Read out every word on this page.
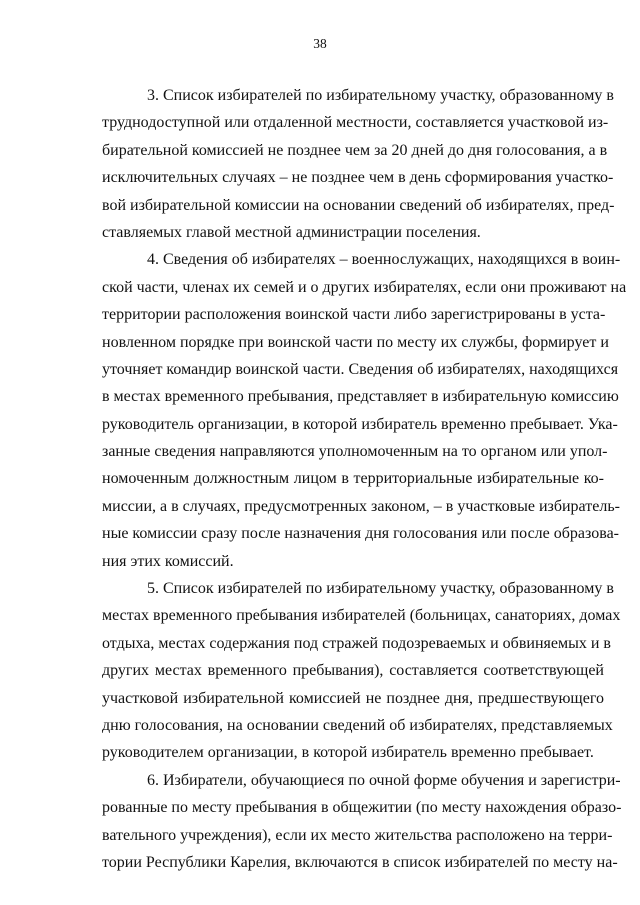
38
3. Список избирателей по избирательному участку, образованному в
труднодоступной или отдаленной местности, составляется участковой из-
бирательной комиссией не позднее чем за 20 дней до дня голосования, а в
исключительных случаях – не позднее чем в день сформирования участко-
вой избирательной комиссии на основании сведений об избирателях, пред-
ставляемых главой местной администрации поселения.
4. Сведения об избирателях – военнослужащих, находящихся в воин-
ской части, членах их семей и о других избирателях, если они проживают на
территории расположения воинской части либо зарегистрированы в уста-
новленном порядке при воинской части по месту их службы, формирует и
уточняет командир воинской части. Сведения об избирателях, находящихся
в местах временного пребывания, представляет в избирательную комиссию
руководитель организации, в которой избиратель временно пребывает. Ука-
занные сведения направляются уполномоченным на то органом или упол-
номоченным должностным лицом в территориальные избирательные ко-
миссии, а в случаях, предусмотренных законом, – в участковые избиратель-
ные комиссии сразу после назначения дня голосования или после образова-
ния этих комиссий.
5. Список избирателей по избирательному участку, образованному в
местах временного пребывания избирателей (больницах, санаториях, домах
отдыха, местах содержания под стражей подозреваемых и обвиняемых и в
других местах временного пребывания), составляется соответствующей
участковой избирательной комиссией не позднее дня, предшествующего
дню голосования, на основании сведений об избирателях, представляемых
руководителем организации, в которой избиратель временно пребывает.
6. Избиратели, обучающиеся по очной форме обучения и зарегистри-
рованные по месту пребывания в общежитии (по месту нахождения образо-
вательного учреждения), если их место жительства расположено на терри-
тории Республики Карелия, включаются в список избирателей по месту на-
